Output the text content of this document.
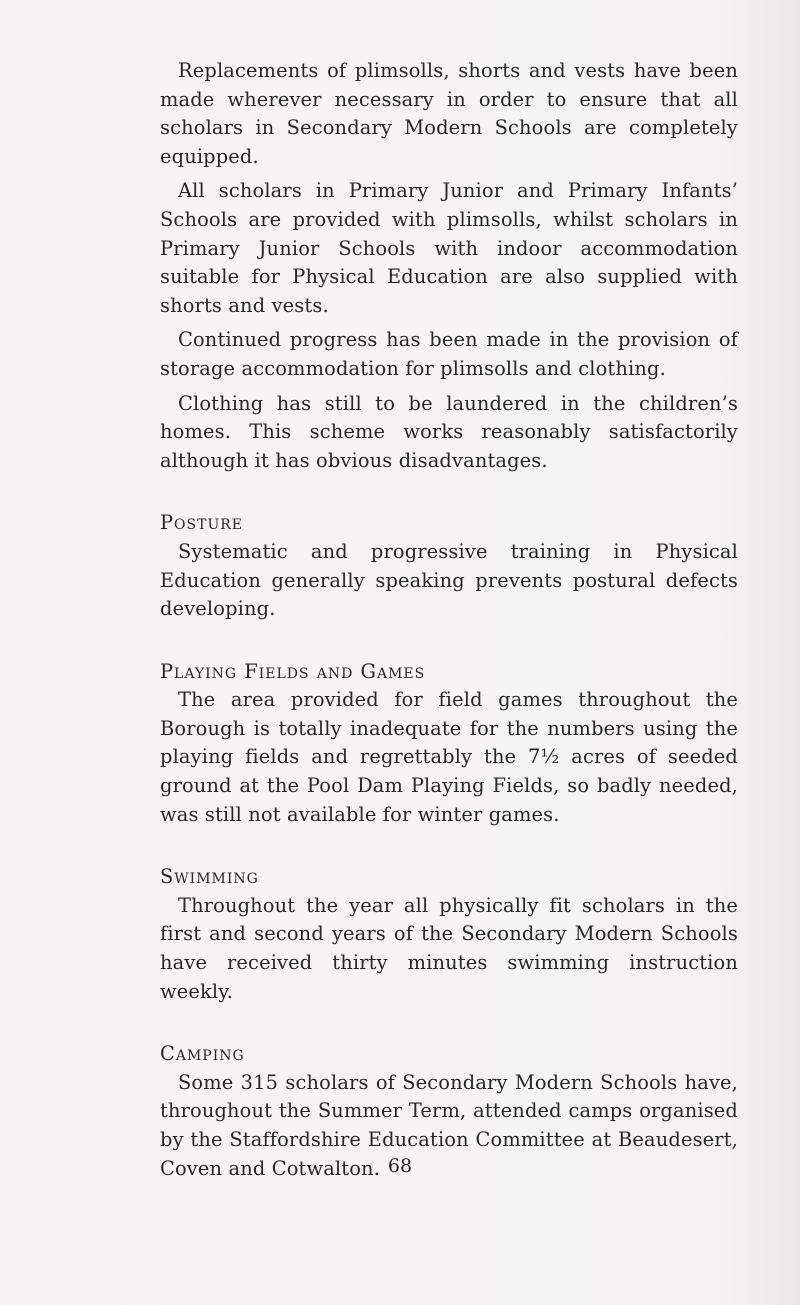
Replacements of plimsolls, shorts and vests have been made wherever necessary in order to ensure that all scholars in Secondary Modern Schools are completely equipped.

All scholars in Primary Junior and Primary Infants’ Schools are provided with plimsolls, whilst scholars in Primary Junior Schools with indoor accommodation suitable for Physical Education are also supplied with shorts and vests.

Continued progress has been made in the provision of storage accommodation for plimsolls and clothing.

Clothing has still to be laundered in the children’s homes. This scheme works reasonably satisfactorily although it has obvious disadvantages.

Posture

Systematic and progressive training in Physical Education generally speaking prevents postural defects developing.

Playing Fields and Games

The area provided for field games throughout the Borough is totally inadequate for the numbers using the playing fields and regrettably the 7½ acres of seeded ground at the Pool Dam Playing Fields, so badly needed, was still not available for winter games.

Swimming

Throughout the year all physically fit scholars in the first and second years of the Secondary Modern Schools have received thirty minutes swimming instruction weekly.

Camping

Some 315 scholars of Secondary Modern Schools have, throughout the Summer Term, attended camps organised by the Staffordshire Education Committee at Beaudesert, Coven and Cotwalton. 68
